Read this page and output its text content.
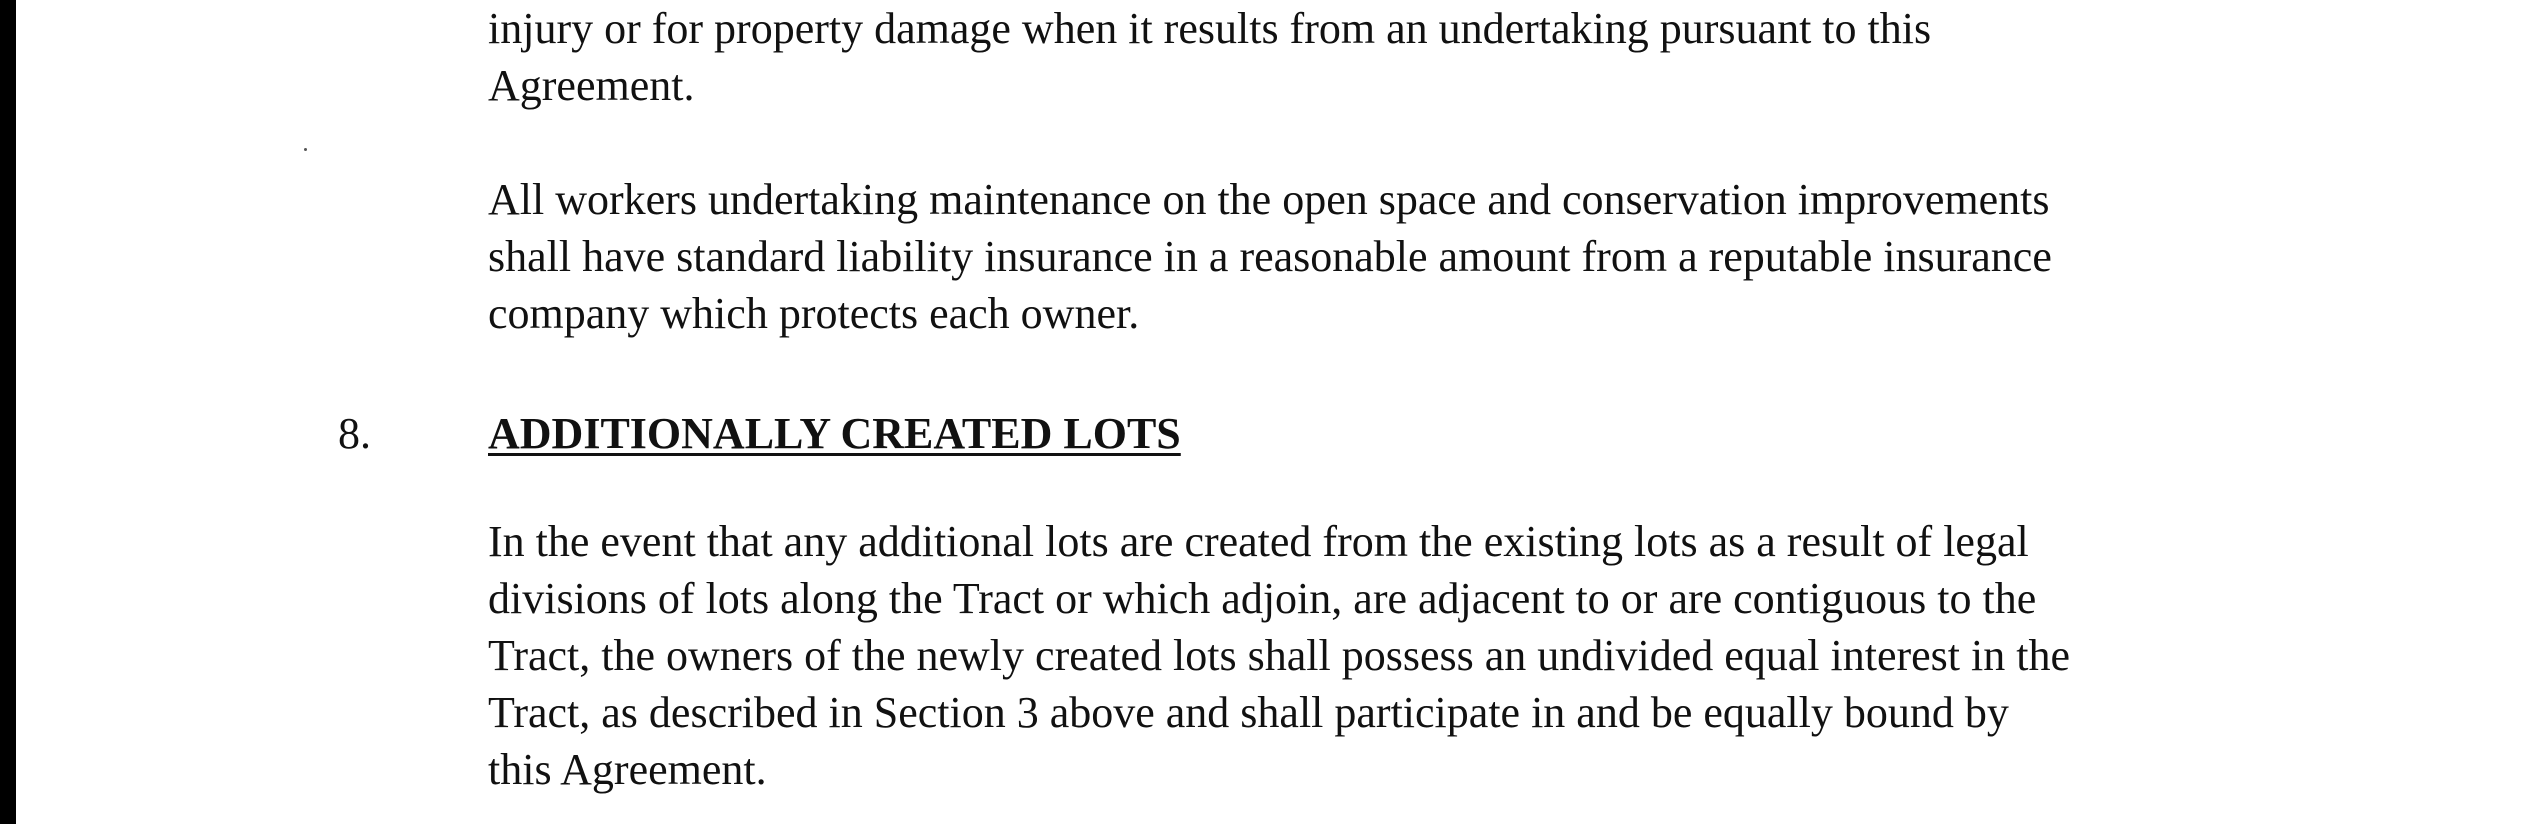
injury or for property damage when it results from an undertaking pursuant to this
Agreement.

All workers undertaking maintenance on the open space and conservation improvements
shall have standard liability insurance in a reasonable amount from a reputable insurance
company which protects each owner.

8.	ADDITIONALLY CREATED LOTS

In the event that any additional lots are created from the existing lots as a result of legal
divisions of lots along the Tract or which adjoin, are adjacent to or are contiguous to the
Tract, the owners of the newly created lots shall possess an undivided equal interest in the
Tract, as described in Section 3 above and shall participate in and be equally bound by
this Agreement.
